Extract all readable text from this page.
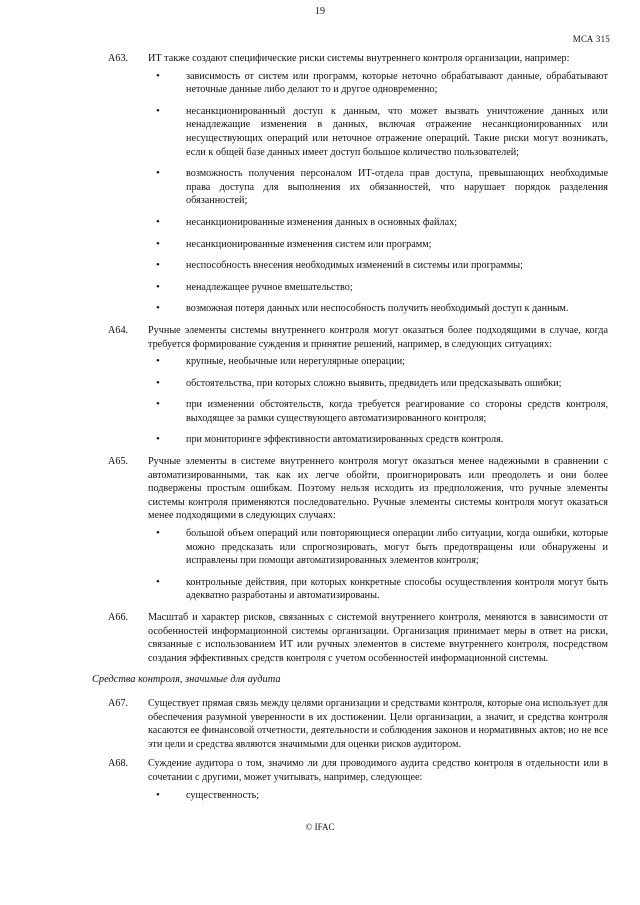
19
МСА 315
A63.	ИТ также создают специфические риски системы внутреннего контроля организации, например:
•	зависимость от систем или программ, которые неточно обрабатывают данные, обрабатывают неточные данные либо делают то и другое одновременно;
•	несанкционированный доступ к данным, что может вызвать уничтожение данных или ненадлежащие изменения в данных, включая отражение несанкционированных или несуществующих операций или неточное отражение операций. Такие риски могут возникать, если к общей базе данных имеет доступ большое количество пользователей;
•	возможность получения персоналом ИТ-отдела прав доступа, превышающих необходимые права доступа для выполнения их обязанностей, что нарушает порядок разделения обязанностей;
•	несанкционированные изменения данных в основных файлах;
•	несанкционированные изменения систем или программ;
•	неспособность внесения необходимых изменений в системы или программы;
•	ненадлежащее ручное вмешательство;
•	возможная потеря данных или неспособность получить необходимый доступ к данным.
A64.	Ручные элементы системы внутреннего контроля могут оказаться более подходящими в случае, когда требуется формирование суждения и принятие решений, например, в следующих ситуациях:
•	крупные, необычные или нерегулярные операции;
•	обстоятельства, при которых сложно выявить, предвидеть или предсказывать ошибки;
•	при изменении обстоятельств, когда требуется реагирование со стороны средств контроля, выходящее за рамки существующего автоматизированного контроля;
•	при мониторинге эффективности автоматизированных средств контроля.
A65.	Ручные элементы в системе внутреннего контроля могут оказаться менее надежными в сравнении с автоматизированными, так как их легче обойти, проигнорировать или преодолеть и они более подвержены простым ошибкам. Поэтому нельзя исходить из предположения, что ручные элементы системы контроля применяются последовательно. Ручные элементы системы контроля могут оказаться менее подходящими в следующих случаях:
•	большой объем операций или повторяющиеся операции либо ситуации, когда ошибки, которые можно предсказать или спрогнозировать, могут быть предотвращены или обнаружены и исправлены при помощи автоматизированных элементов контроля;
•	контрольные действия, при которых конкретные способы осуществления контроля могут быть адекватно разработаны и автоматизированы.
A66.	Масштаб и характер рисков, связанных с системой внутреннего контроля, меняются в зависимости от особенностей информационной системы организации. Организация принимает меры в ответ на риски, связанные с использованием ИТ или ручных элементов в системе внутреннего контроля, посредством создания эффективных средств контроля с учетом особенностей информационной системы.
Средства контроля, значимые для аудита
A67.	Существует прямая связь между целями организации и средствами контроля, которые она использует для обеспечения разумной уверенности в их достижении. Цели организации, а значит, и средства контроля касаются ее финансовой отчетности, деятельности и соблюдения законов и нормативных актов; но не все эти цели и средства являются значимыми для оценки рисков аудитором.
A68.	Суждение аудитора о том, значимо ли для проводимого аудита средство контроля в отдельности или в сочетании с другими, может учитывать, например, следующее:
•	существенность;
© IFAC
